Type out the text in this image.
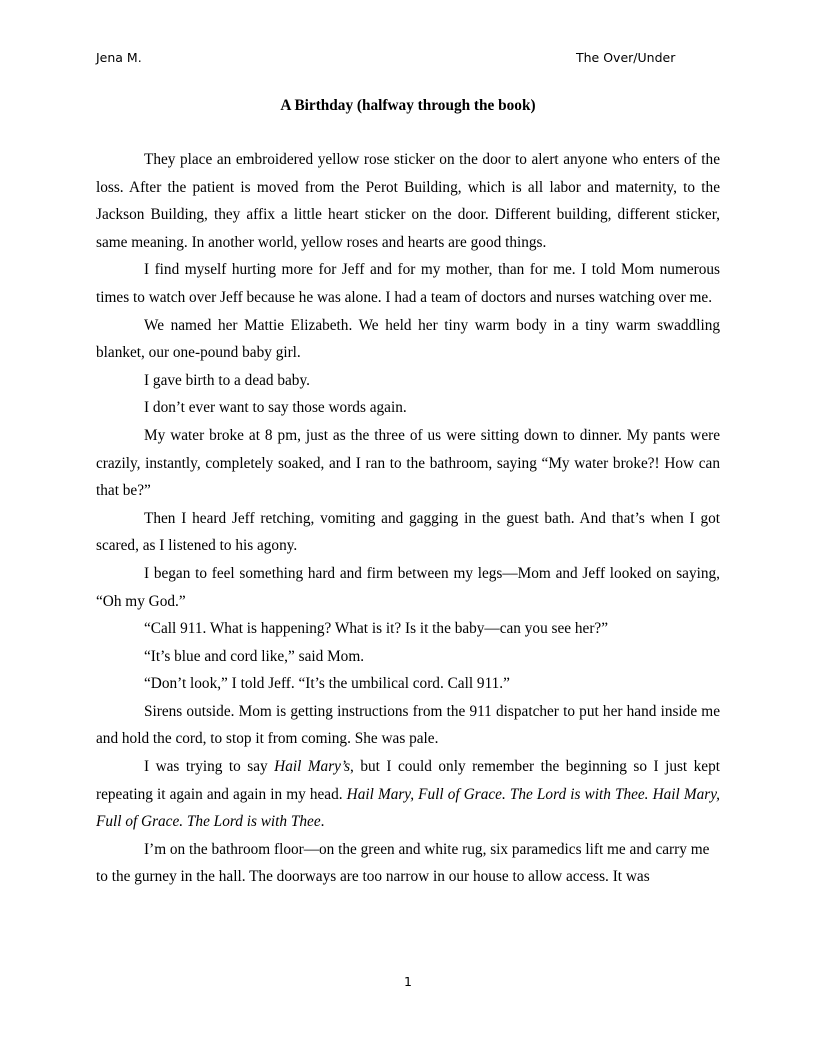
Jena M.	The Over/Under
A Birthday (halfway through the book)

They place an embroidered yellow rose sticker on the door to alert anyone who enters of the loss. After the patient is moved from the Perot Building, which is all labor and maternity, to the Jackson Building, they affix a little heart sticker on the door. Different building, different sticker, same meaning. In another world, yellow roses and hearts are good things.

I find myself hurting more for Jeff and for my mother, than for me. I told Mom numerous times to watch over Jeff because he was alone. I had a team of doctors and nurses watching over me.

We named her Mattie Elizabeth. We held her tiny warm body in a tiny warm swaddling blanket, our one-pound baby girl.

I gave birth to a dead baby.

I don’t ever want to say those words again.

My water broke at 8 pm, just as the three of us were sitting down to dinner. My pants were crazily, instantly, completely soaked, and I ran to the bathroom, saying “My water broke?! How can that be?”

Then I heard Jeff retching, vomiting and gagging in the guest bath. And that’s when I got scared, as I listened to his agony.

I began to feel something hard and firm between my legs—Mom and Jeff looked on saying, “Oh my God.”

“Call 911. What is happening? What is it? Is it the baby—can you see her?”

“It’s blue and cord like,” said Mom.

“Don’t look,” I told Jeff. “It’s the umbilical cord. Call 911.”

Sirens outside. Mom is getting instructions from the 911 dispatcher to put her hand inside me and hold the cord, to stop it from coming. She was pale.

I was trying to say Hail Mary’s, but I could only remember the beginning so I just kept repeating it again and again in my head. Hail Mary, Full of Grace. The Lord is with Thee. Hail Mary, Full of Grace. The Lord is with Thee.

I’m on the bathroom floor—on the green and white rug, six paramedics lift me and carry me to the gurney in the hall. The doorways are too narrow in our house to allow access. It was

1
